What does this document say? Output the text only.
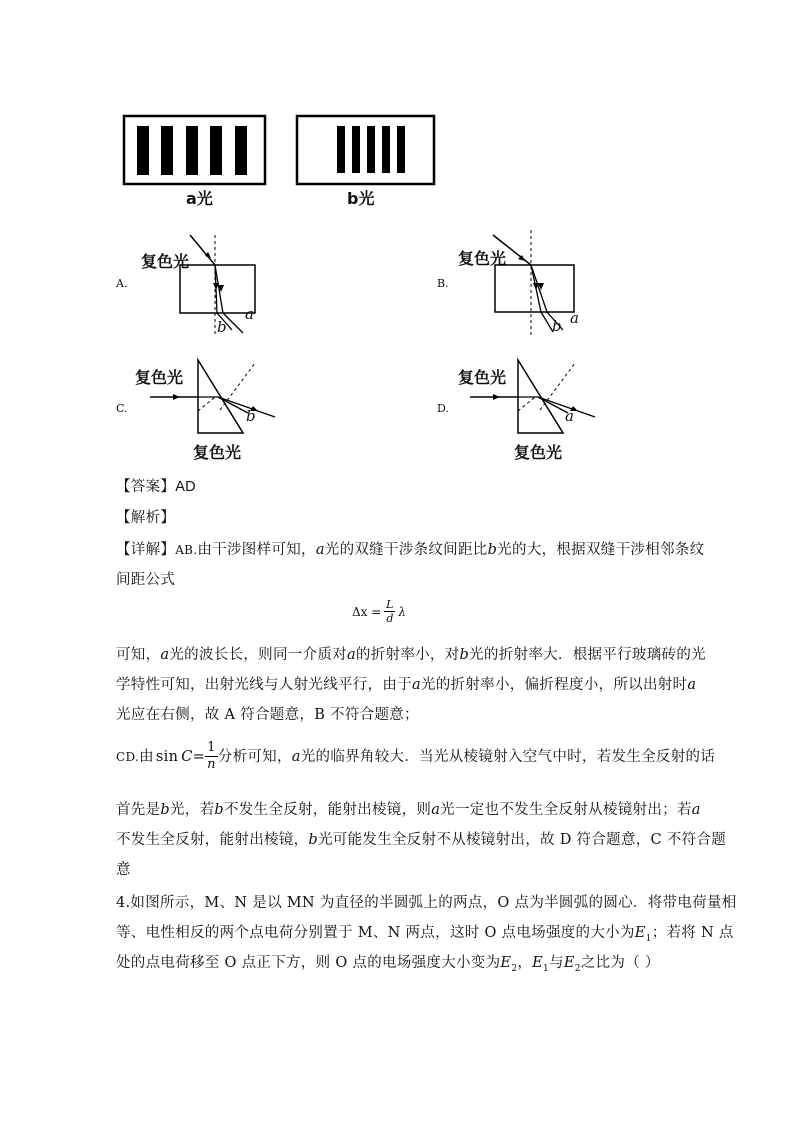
a光	b光
A.
复色光
b
a
B.
复色光
b a
C.
复色光
b
复色光
D.
复色光
a
复色光
【答案】AD
【解析】
【详解】AB.由干涉图样可知，a光的双缝干涉条纹间距比b光的大，根据双缝干涉相邻条纹
间距公式
$\Delta x = \frac{L}{d}$ λ
可知，a光的波长长，则同一介质对a的折射率小，对b光的折射率大．根据平行玻璃砖的光
学特性可知，出射光线与人射光线平行，由于a光的折射率小，偏折程度小，所以出射时a
光应在右侧，故 A 符合题意，B 不符合题意；
CD. 由 $\sin C = \frac{1}{n}$ 分析可知， a 光的临界角较大．当光从棱镜射入空气中时，若发生全反射的话
首先是b光，若b不发生全反射，能射出棱镜，则a光一定也不发生全反射从棱镜射出；若a
不发生全反射，能射出棱镜，b光可能发生全反射不从棱镜射出，故 D 符合题意，C 不符合题
意
4.如图所示，M、N 是以 MN 为直径的半圆弧上的两点，O 点为半圆弧的圆心．将带电荷量相
等、电性相反的两个点电荷分别置于 M、N 两点，这时 O 点电场强度的大小为$E_1$；若将 N 点
处的点电荷移至 O 点正下方，则 O 点的电场强度大小变为$E_2$，$E_1$与$E_2$之比为（ ）
